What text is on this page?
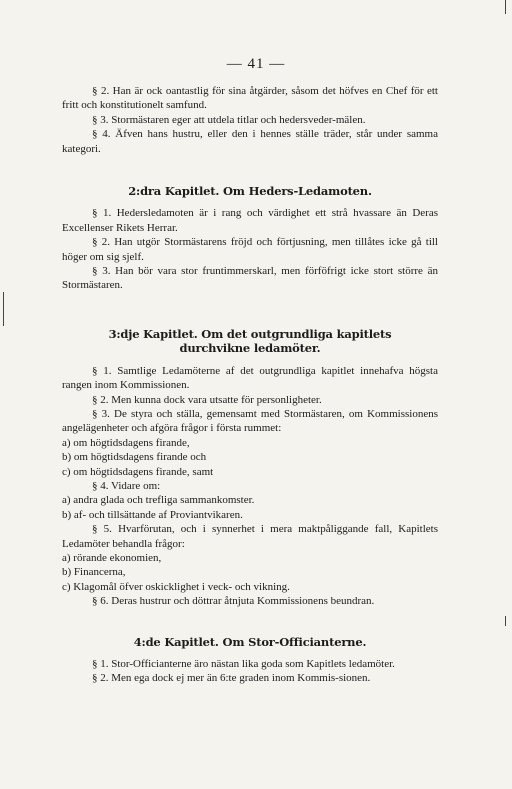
— 41 —

§ 2. Han är ock oantastlig för sina åtgärder, såsom det höfves en Chef för ett fritt och konstitutionelt samfund.

§ 3. Stormästaren eger att utdela titlar och hedersveder-mälen.

§ 4. Äfven hans hustru, eller den i hennes ställe träder, står under samma kategori.

2:dra Kapitlet. Om Heders-Ledamoten.

§ 1. Hedersledamoten är i rang och värdighet ett strå hvassare än Deras Excellenser Rikets Herrar.

§ 2. Han utgör Stormästarens fröjd och förtjusning, men tillåtes icke gå till höger om sig sjelf.

§ 3. Han bör vara stor fruntimmerskarl, men förföfrigt icke stort större än Stormästaren.

3:dje Kapitlet. Om det outgrundliga kapitlets
durchvikne ledamöter.

§ 1. Samtlige Ledamöterne af det outgrundliga kapitlet innehafva högsta rangen inom Kommissionen.

§ 2. Men kunna dock vara utsatte för personligheter.

§ 3. De styra och ställa, gemensamt med Stormästaren, om Kommissionens angelägenheter och afgöra frågor i första rummet:

a) om högtidsdagens firande,

b) om högtidsdagens firande och

c) om högtidsdagens firande, samt

§ 4. Vidare om:

a) andra glada och trefliga sammankomster.

b) af- och tillsättande af Proviantvikaren.

§ 5. Hvarförutan, och i synnerhet i mera maktpåliggande fall, Kapitlets Ledamöter behandla frågor:

a) rörande ekonomien,

b) Financerna,

c) Klagomål öfver oskicklighet i veck- och vikning.

§ 6. Deras hustrur och döttrar åtnjuta Kommissionens beundran.

4:de Kapitlet. Om Stor-Officianterne.

§ 1. Stor-Officianterne äro nästan lika goda som Kapitlets ledamöter.

§ 2. Men ega dock ej mer än 6:te graden inom Kommis-sionen.
